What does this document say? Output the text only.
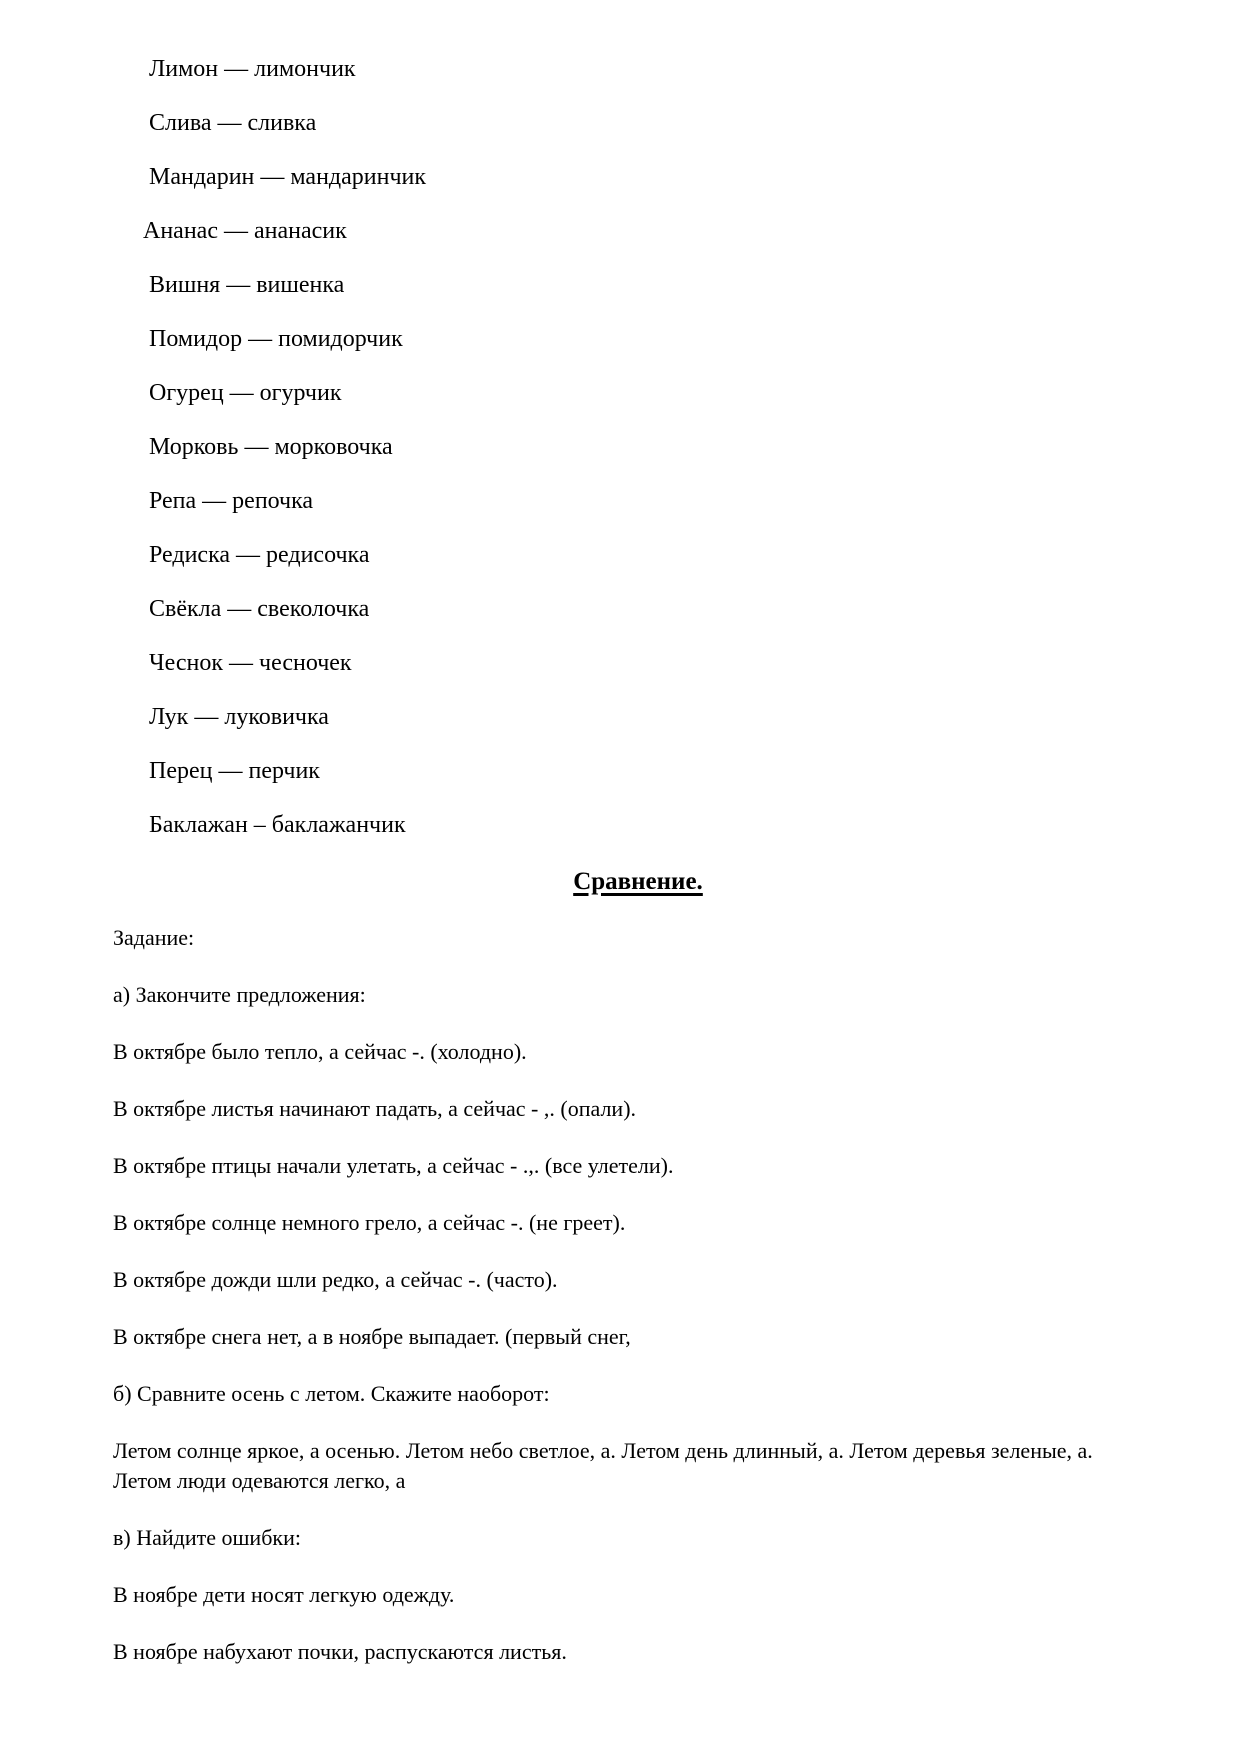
Лимон — лимончик
Слива — сливка
Мандарин — мандаринчик
Ананас — ананасик
Вишня — вишенка
Помидор — помидорчик
Огурец — огурчик
Морковь — морковочка
Репа — репочка
Редиска — редисочка
Свёкла — свеколочка
Чеснок — чесночек
Лук — луковичка
Перец — перчик
Баклажан – баклажанчик
Сравнение.
Задание:
а) Закончите предложения:
В октябре было тепло, а сейчас -. (холодно).
В октябре листья начинают падать, а сейчас - ,. (опали).
В октябре птицы начали улетать, а сейчас - .,. (все улетели).
В октябре солнце немного грело, а сейчас -. (не греет).
В октябре дожди шли редко, а сейчас -. (часто).
В октябре снега нет, а в ноябре выпадает. (первый снег,
б) Сравните осень с летом. Скажите наоборот:
Летом солнце яркое, а осенью. Летом небо светлое, а. Летом день длинный, а. Летом деревья зеленые, а. Летом люди одеваются легко, а
в) Найдите ошибки:
В ноябре дети носят легкую одежду.
В ноябре набухают почки, распускаются листья.
